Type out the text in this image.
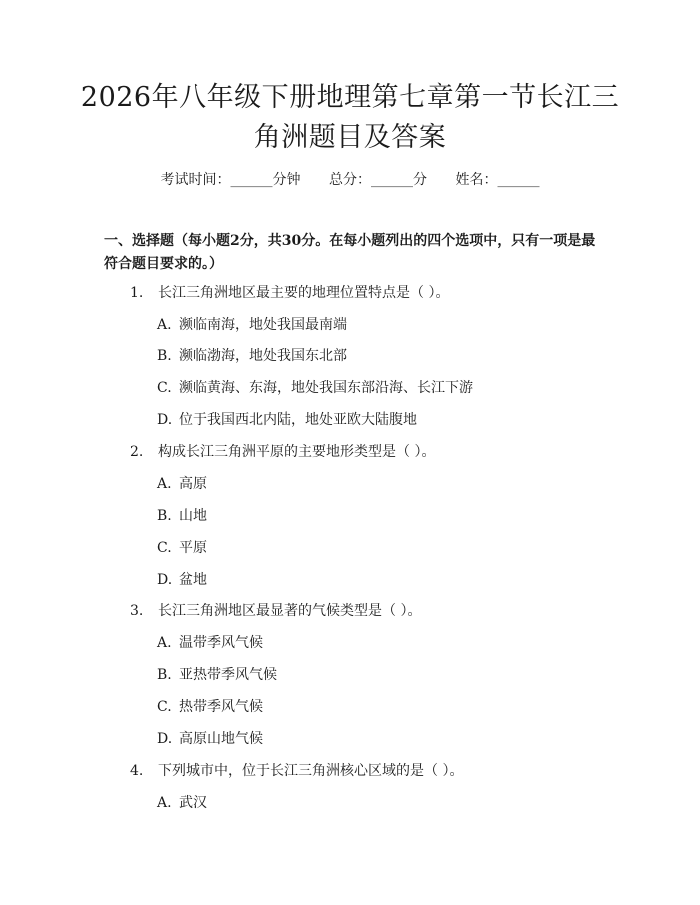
2026年八年级下册地理第七章第一节长江三
角洲题目及答案
考试时间：______分钟 总分：______分 姓名：______
一、选择题（每小题2分，共30分。在每小题列出的四个选项中，只有一项是最
符合题目要求的。）
1. 长江三角洲地区最主要的地理位置特点是（ ）。
A. 濒临南海，地处我国最南端
B. 濒临渤海，地处我国东北部
C. 濒临黄海、东海，地处我国东部沿海、长江下游
D. 位于我国西北内陆，地处亚欧大陆腹地
2. 构成长江三角洲平原的主要地形类型是（ ）。
A. 高原
B. 山地
C. 平原
D. 盆地
3. 长江三角洲地区最显著的气候类型是（ ）。
A. 温带季风气候
B. 亚热带季风气候
C. 热带季风气候
D. 高原山地气候
4. 下列城市中，位于长江三角洲核心区域的是（ ）。
A. 武汉
